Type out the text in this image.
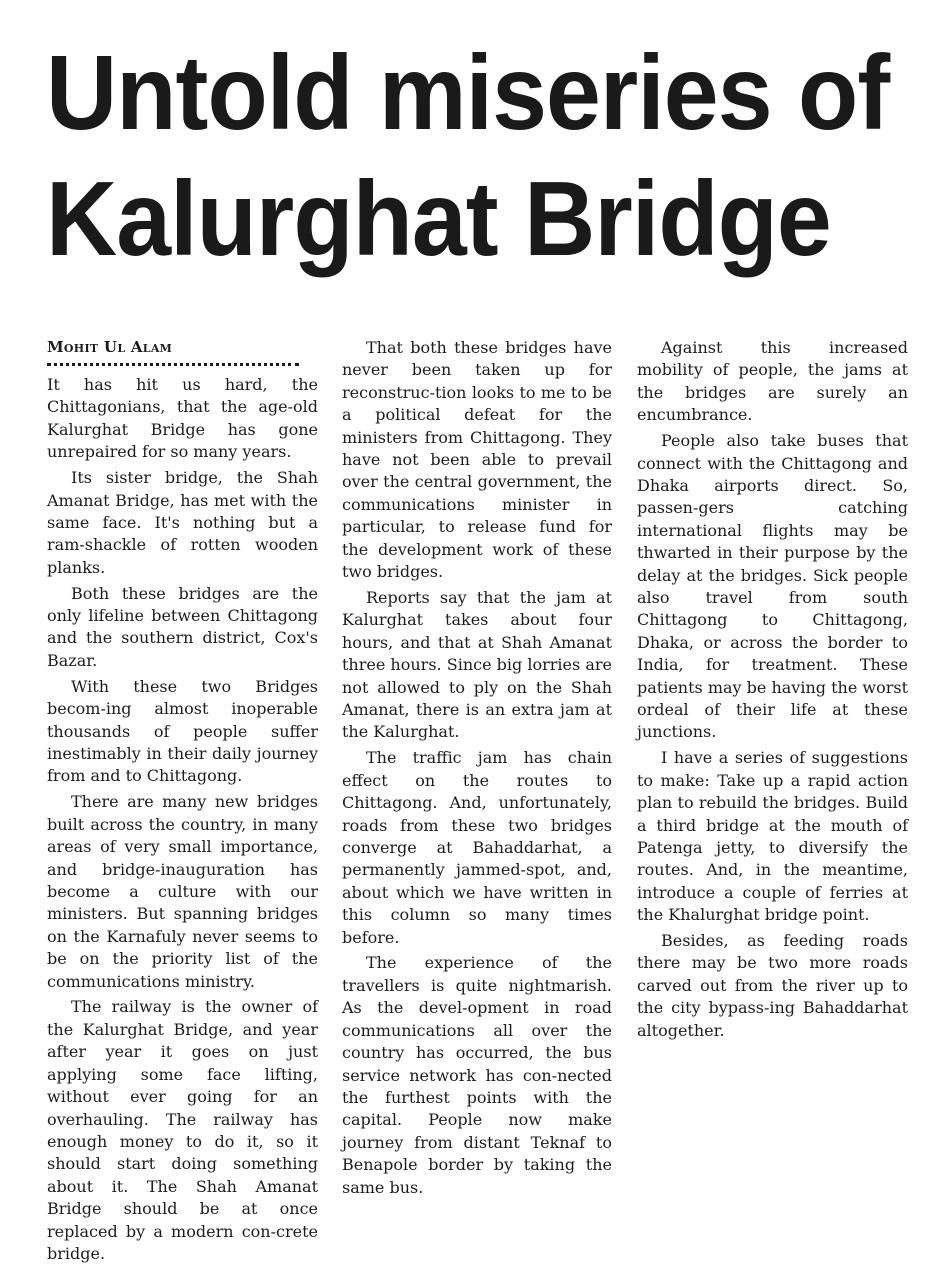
Untold miseries of
Kalurghat Bridge
Mohit Ul Alam

It has hit us hard, the Chittagonians, that the age-old Kalurghat Bridge has gone unrepaired for so many years.

Its sister bridge, the Shah Amanat Bridge, has met with the same face. It's nothing but a ram-shackle of rotten wooden planks.

Both these bridges are the only lifeline between Chittagong and the southern district, Cox's Bazar.

With these two Bridges becom-ing almost inoperable thousands of people suffer inestimably in their daily journey from and to Chittagong.

There are many new bridges built across the country, in many areas of very small importance, and bridge-inauguration has become a culture with our ministers. But spanning bridges on the Karnafuly never seems to be on the priority list of the communications ministry.

The railway is the owner of the Kalurghat Bridge, and year after year it goes on just applying some face lifting, without ever going for an overhauling. The railway has enough money to do it, so it should start doing something about it. The Shah Amanat Bridge should be at once replaced by a modern con-crete bridge.

That both these bridges have never been taken up for reconstruc-tion looks to me to be a political defeat for the ministers from Chittagong. They have not been able to prevail over the central government, the communications minister in particular, to release fund for the development work of these two bridges.

Reports say that the jam at Kalurghat takes about four hours, and that at Shah Amanat three hours. Since big lorries are not allowed to ply on the Shah Amanat, there is an extra jam at the Kalurghat.

The traffic jam has chain effect on the routes to Chittagong. And, unfortunately, roads from these two bridges converge at Bahaddarhat, a permanently jammed-spot, and, about which we have written in this column so many times before.

The experience of the travellers is quite nightmarish. As the devel-opment in road communications all over the country has occurred, the bus service network has con-nected the furthest points with the capital. People now make journey from distant Teknaf to Benapole border by taking the same bus.

Against this increased mobility of people, the jams at the bridges are surely an encumbrance.

People also take buses that connect with the Chittagong and Dhaka airports direct. So, passen-gers catching international flights may be thwarted in their purpose by the delay at the bridges. Sick people also travel from south Chittagong to Chittagong, Dhaka, or across the border to India, for treatment. These patients may be having the worst ordeal of their life at these junctions.

I have a series of suggestions to make: Take up a rapid action plan to rebuild the bridges. Build a third bridge at the mouth of Patenga jetty, to diversify the routes. And, in the meantime, introduce a couple of ferries at the Khalurghat bridge point.

Besides, as feeding roads there may be two more roads carved out from the river up to the city bypass-ing Bahaddarhat altogether.
